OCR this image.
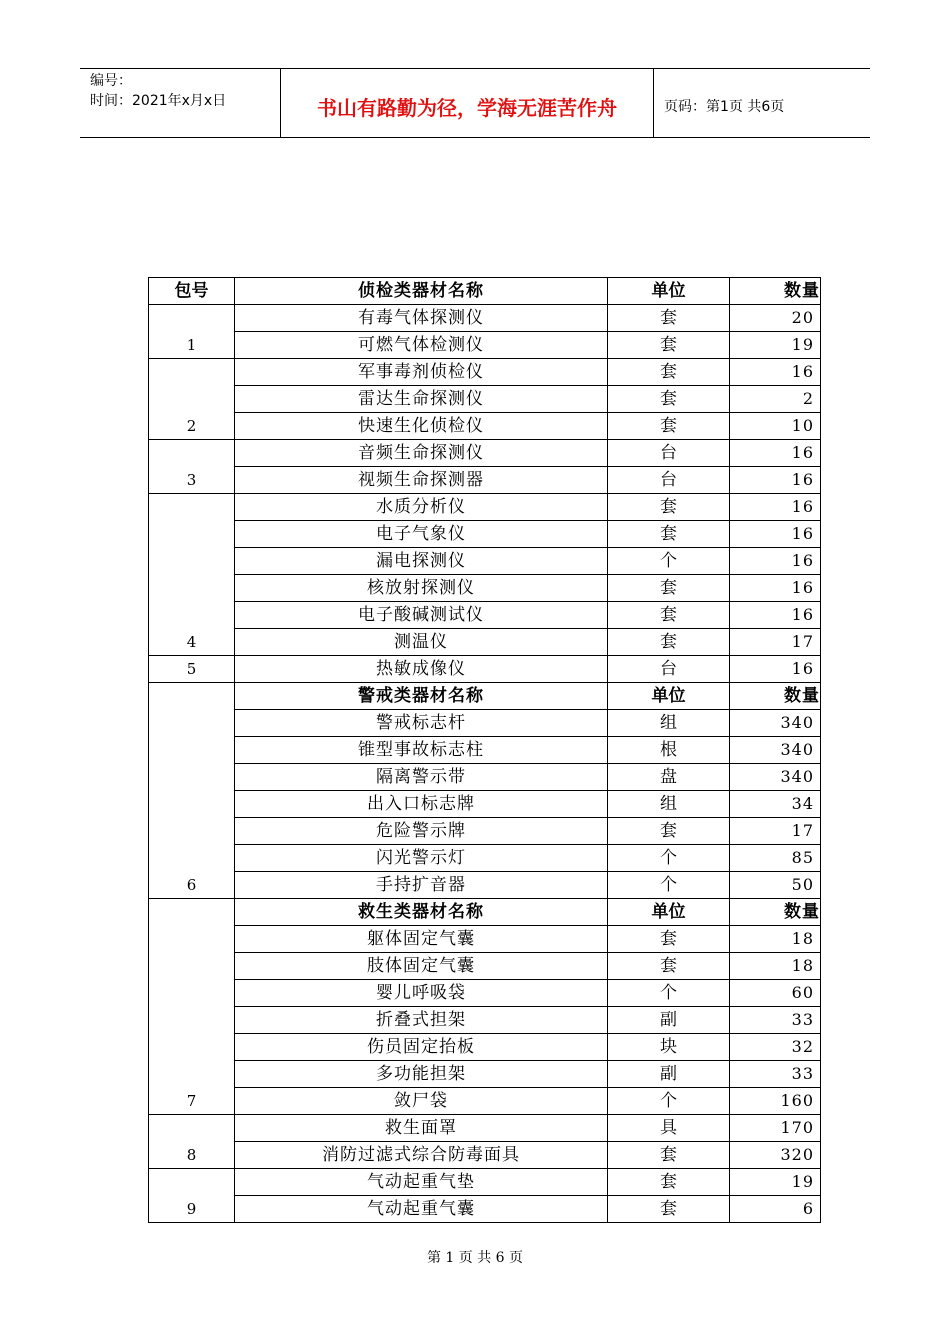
编号：
时间：2021年x月x日	书山有路勤为径，学海无涯苦作舟	页码：第1页 共6页
包号	侦检类器材名称	单位	数量
1	有毒气体探测仪	套	20
	可燃气体检测仪	套	19
2	军事毒剂侦检仪	套	16
	雷达生命探测仪	套	2
	快速生化侦检仪	套	10
3	音频生命探测仪	台	16
	视频生命探测器	台	16
4	水质分析仪	套	16
	电子气象仪	套	16
	漏电探测仪	个	16
	核放射探测仪	套	16
	电子酸碱测试仪	套	16
	测温仪	套	17
5	热敏成像仪	台	16
6	警戒类器材名称	单位	数量
	警戒标志杆	组	340
	锥型事故标志柱	根	340
	隔离警示带	盘	340
	出入口标志牌	组	34
	危险警示牌	套	17
	闪光警示灯	个	85
	手持扩音器	个	50
7	救生类器材名称	单位	数量
	躯体固定气囊	套	18
	肢体固定气囊	套	18
	婴儿呼吸袋	个	60
	折叠式担架	副	33
	伤员固定抬板	块	32
	多功能担架	副	33
	敛尸袋	个	160
8	救生面罩	具	170
	消防过滤式综合防毒面具	套	320
9	气动起重气垫	套	19
	气动起重气囊	套	6
第 1 页 共 6 页
